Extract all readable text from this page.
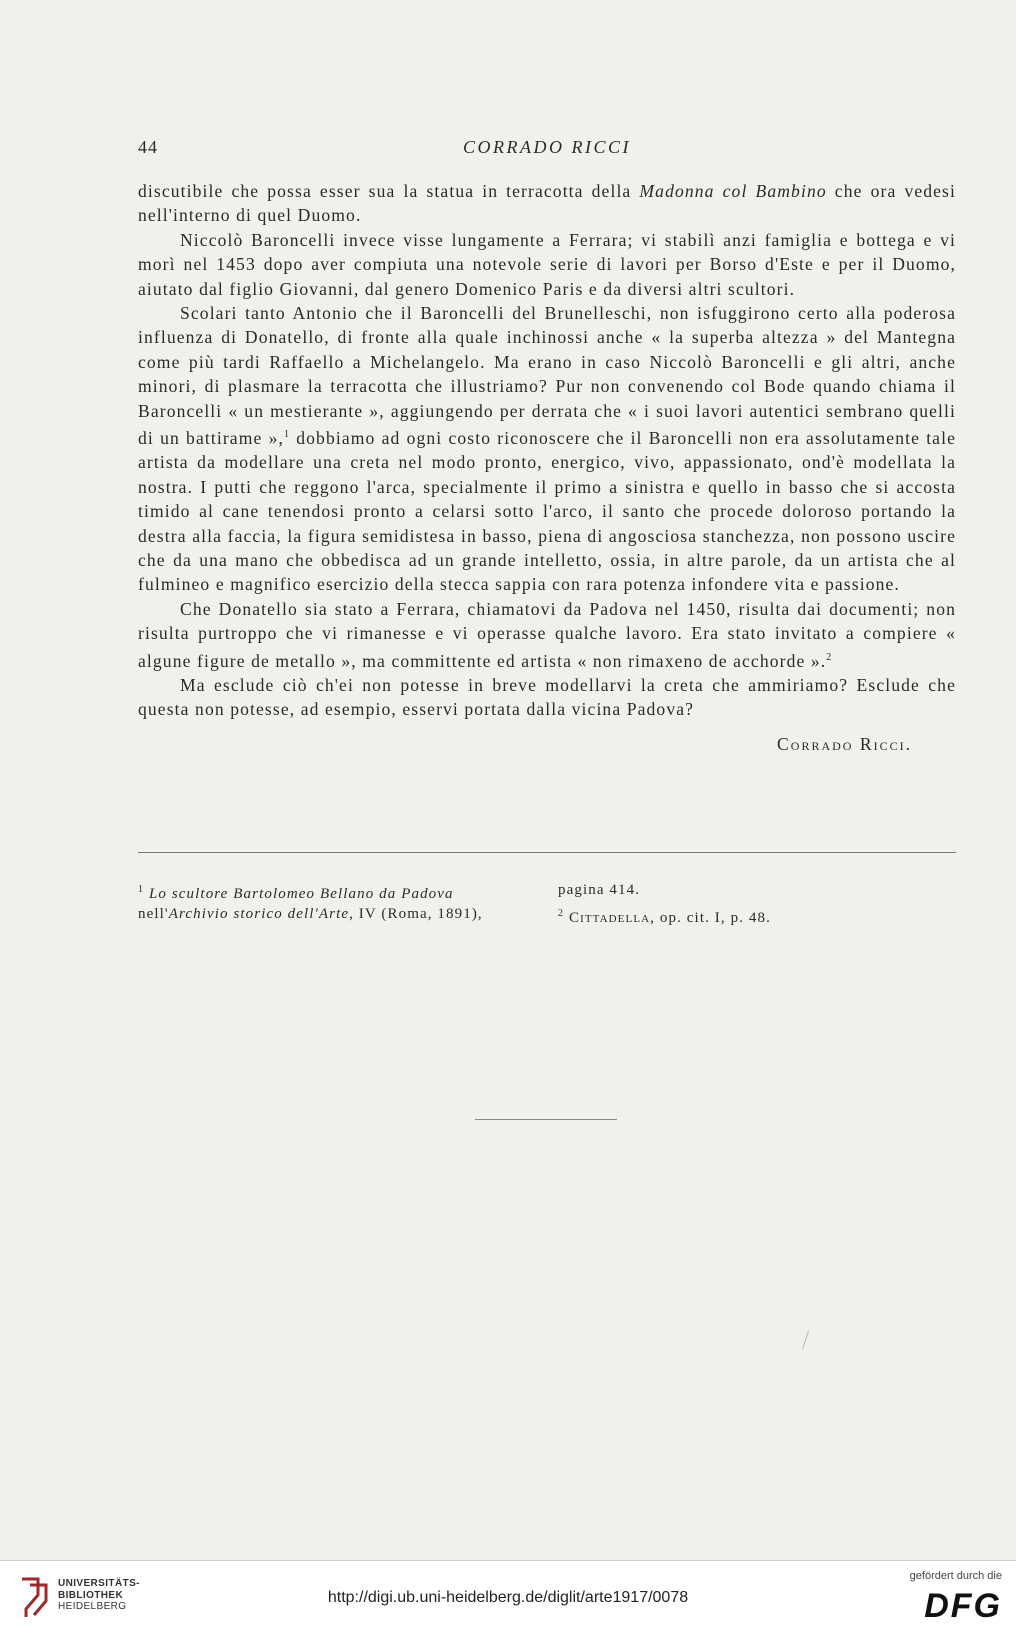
44	CORRADO RICCI

discutibile che possa esser sua la statua in terracotta della Madonna col Bambino che ora vedesi nell'interno di quel Duomo.

Niccolò Baroncelli invece visse lungamente a Ferrara; vi stabilì anzi famiglia e bottega e vi morì nel 1453 dopo aver compiuta una notevole serie di lavori per Borso d'Este e per il Duomo, aiutato dal figlio Giovanni, dal genero Domenico Paris e da diversi altri scultori.

Scolari tanto Antonio che il Baroncelli del Brunelleschi, non isfuggirono certo alla poderosa influenza di Donatello, di fronte alla quale inchinossi anche « la superba altezza » del Mantegna come più tardi Raffaello a Michelangelo. Ma erano in caso Niccolò Baroncelli e gli altri, anche minori, di plasmare la terracotta che illustriamo? Pur non convenendo col Bode quando chiama il Baroncelli « un mestierante », aggiungendo per derrata che « i suoi lavori autentici sembrano quelli di un battirame »,$^1$ dobbiamo ad ogni costo riconoscere che il Baroncelli non era assolutamente tale artista da modellare una creta nel modo pronto, energico, vivo, appassionato, ond'è modellata la nostra. I putti che reggono l'arca, specialmente il primo a sinistra e quello in basso che si accosta timido al cane tenendosi pronto a celarsi sotto l'arco, il santo che procede doloroso portando la destra alla faccia, la figura semidistesa in basso, piena di angosciosa stanchezza, non possono uscire che da una mano che obbedisca ad un grande intelletto, ossia, in altre parole, da un artista che al fulmineo e magnifico esercizio della stecca sappia con rara potenza infondere vita e passione.

Che Donatello sia stato a Ferrara, chiamatovi da Padova nel 1450, risulta dai documenti; non risulta purtroppo che vi rimanesse e vi operasse qualche lavoro. Era stato invitato a compiere « algune figure de metallo », ma committente ed artista « non rimaxeno de acchorde ».$^2$

Ma esclude ciò ch'ei non potesse in breve modellarvi la creta che ammiriamo? Esclude che questa non potesse, ad esempio, esservi portata dalla vicina Padova?

Corrado Ricci.
$^1$ Lo scultore Bartolomeo Bellano da Padova	pagina 414.
nell'Archivio storico dell'Arte, IV (Roma, 1891),	$^2$ Cittadella, op. cit. I, p. 48.
UNIVERSITÄTS-
BIBLIOTHEK
HEIDELBERG
http://digi.ub.uni-heidelberg.de/diglit/arte1917/0078
gefördert durch die
DFG
